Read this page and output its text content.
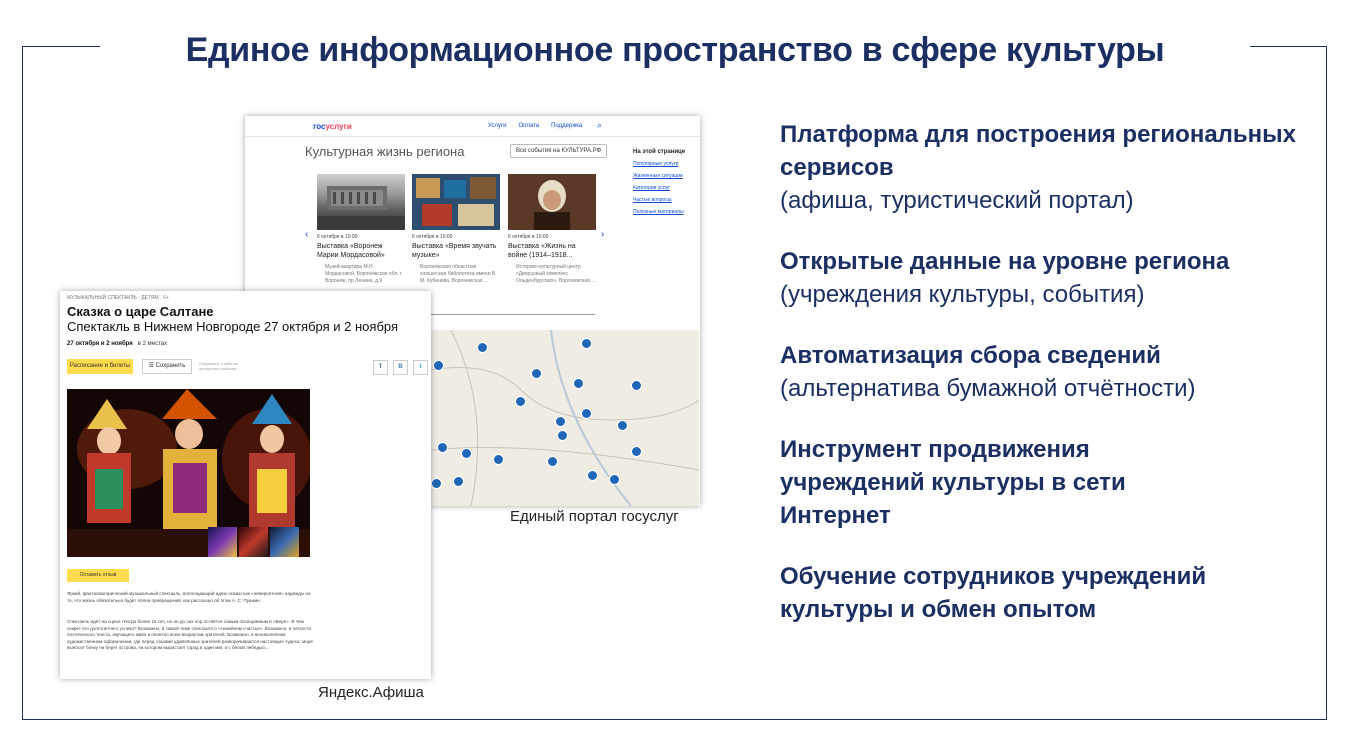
Единое информационное пространство в сфере культуры
госуслуги	Услуги Оплата Поддержка ⌕
Культурная жизнь региона	Все события на КУЛЬТУРА.РФ	На этой странице
Популярные услуги
Жизненные ситуации
Категории услуг
Частые вопросы
Полезные материалы
‹	›
6 октября в 10:00
Выставка «Воронеж Марии Мордасовой»
Музей-квартира М.Н. Мордасовой, Воронежская обл, г. Воронеж, пр Ленина, д.9
6 октября в 10:00
Выставка «Время звучать музыке»
Воронежская областная юношеская библиотека имени В. М. Кубанева, Воронежская ...
6 октября в 10:00
Выставка «Жизнь на войне (1914–1918...
Историко-культурный центр «Дворцовый комплекс Ольденбургских», Воронежская ...
Единый портал госуслуг
МУЗЫКАЛЬНЫЙ СПЕКТАКЛЬ · ДЕТЯМ · 6+
Сказка о царе Салтане
Спектакль в Нижнем Новгороде 27 октября и 2 ноября
27 октября и 2 ноября в 2 местах
Расписание и билеты	☰ Сохранить	Сохраните, чтобы не пропустить событие	f	В	t
Оставить отзыв
Яркий, фантасмагорический музыкальный спектакль, воплощающий идею сказки как «невероятной» надежды на то, что жизнь обязательно будет полна превращений, как рассказал об этом А. С. Пушкин.
Спектакль идёт на сцене театра более 15 лет, но он до сих пор остаётся самым посещаемым в «Вере». В чём секрет его долголетнего успеха? Возможно, в самой теме спектакля о «семейном счастье». Возможно, в лёгкости поэтического текста, звучащего живо и понятно всем возрастам зрителей. Возможно, в великолепном художественном оформлении, где перед глазами удивлённых зрителей разворачиваются настоящие чудеса: море выносит бочку на берег острова, на котором вырастает город в один миг, а с белой лебедью...
Яндекс.Афиша
Платформа для построения региональных сервисов
(афиша, туристический портал)
Открытые данные на уровне региона
(учреждения культуры, события)
Автоматизация сбора сведений
(альтернатива бумажной отчётности)
Инструмент продвижения учреждений культуры в сети Интернет
Обучение сотрудников учреждений культуры и обмен опытом
